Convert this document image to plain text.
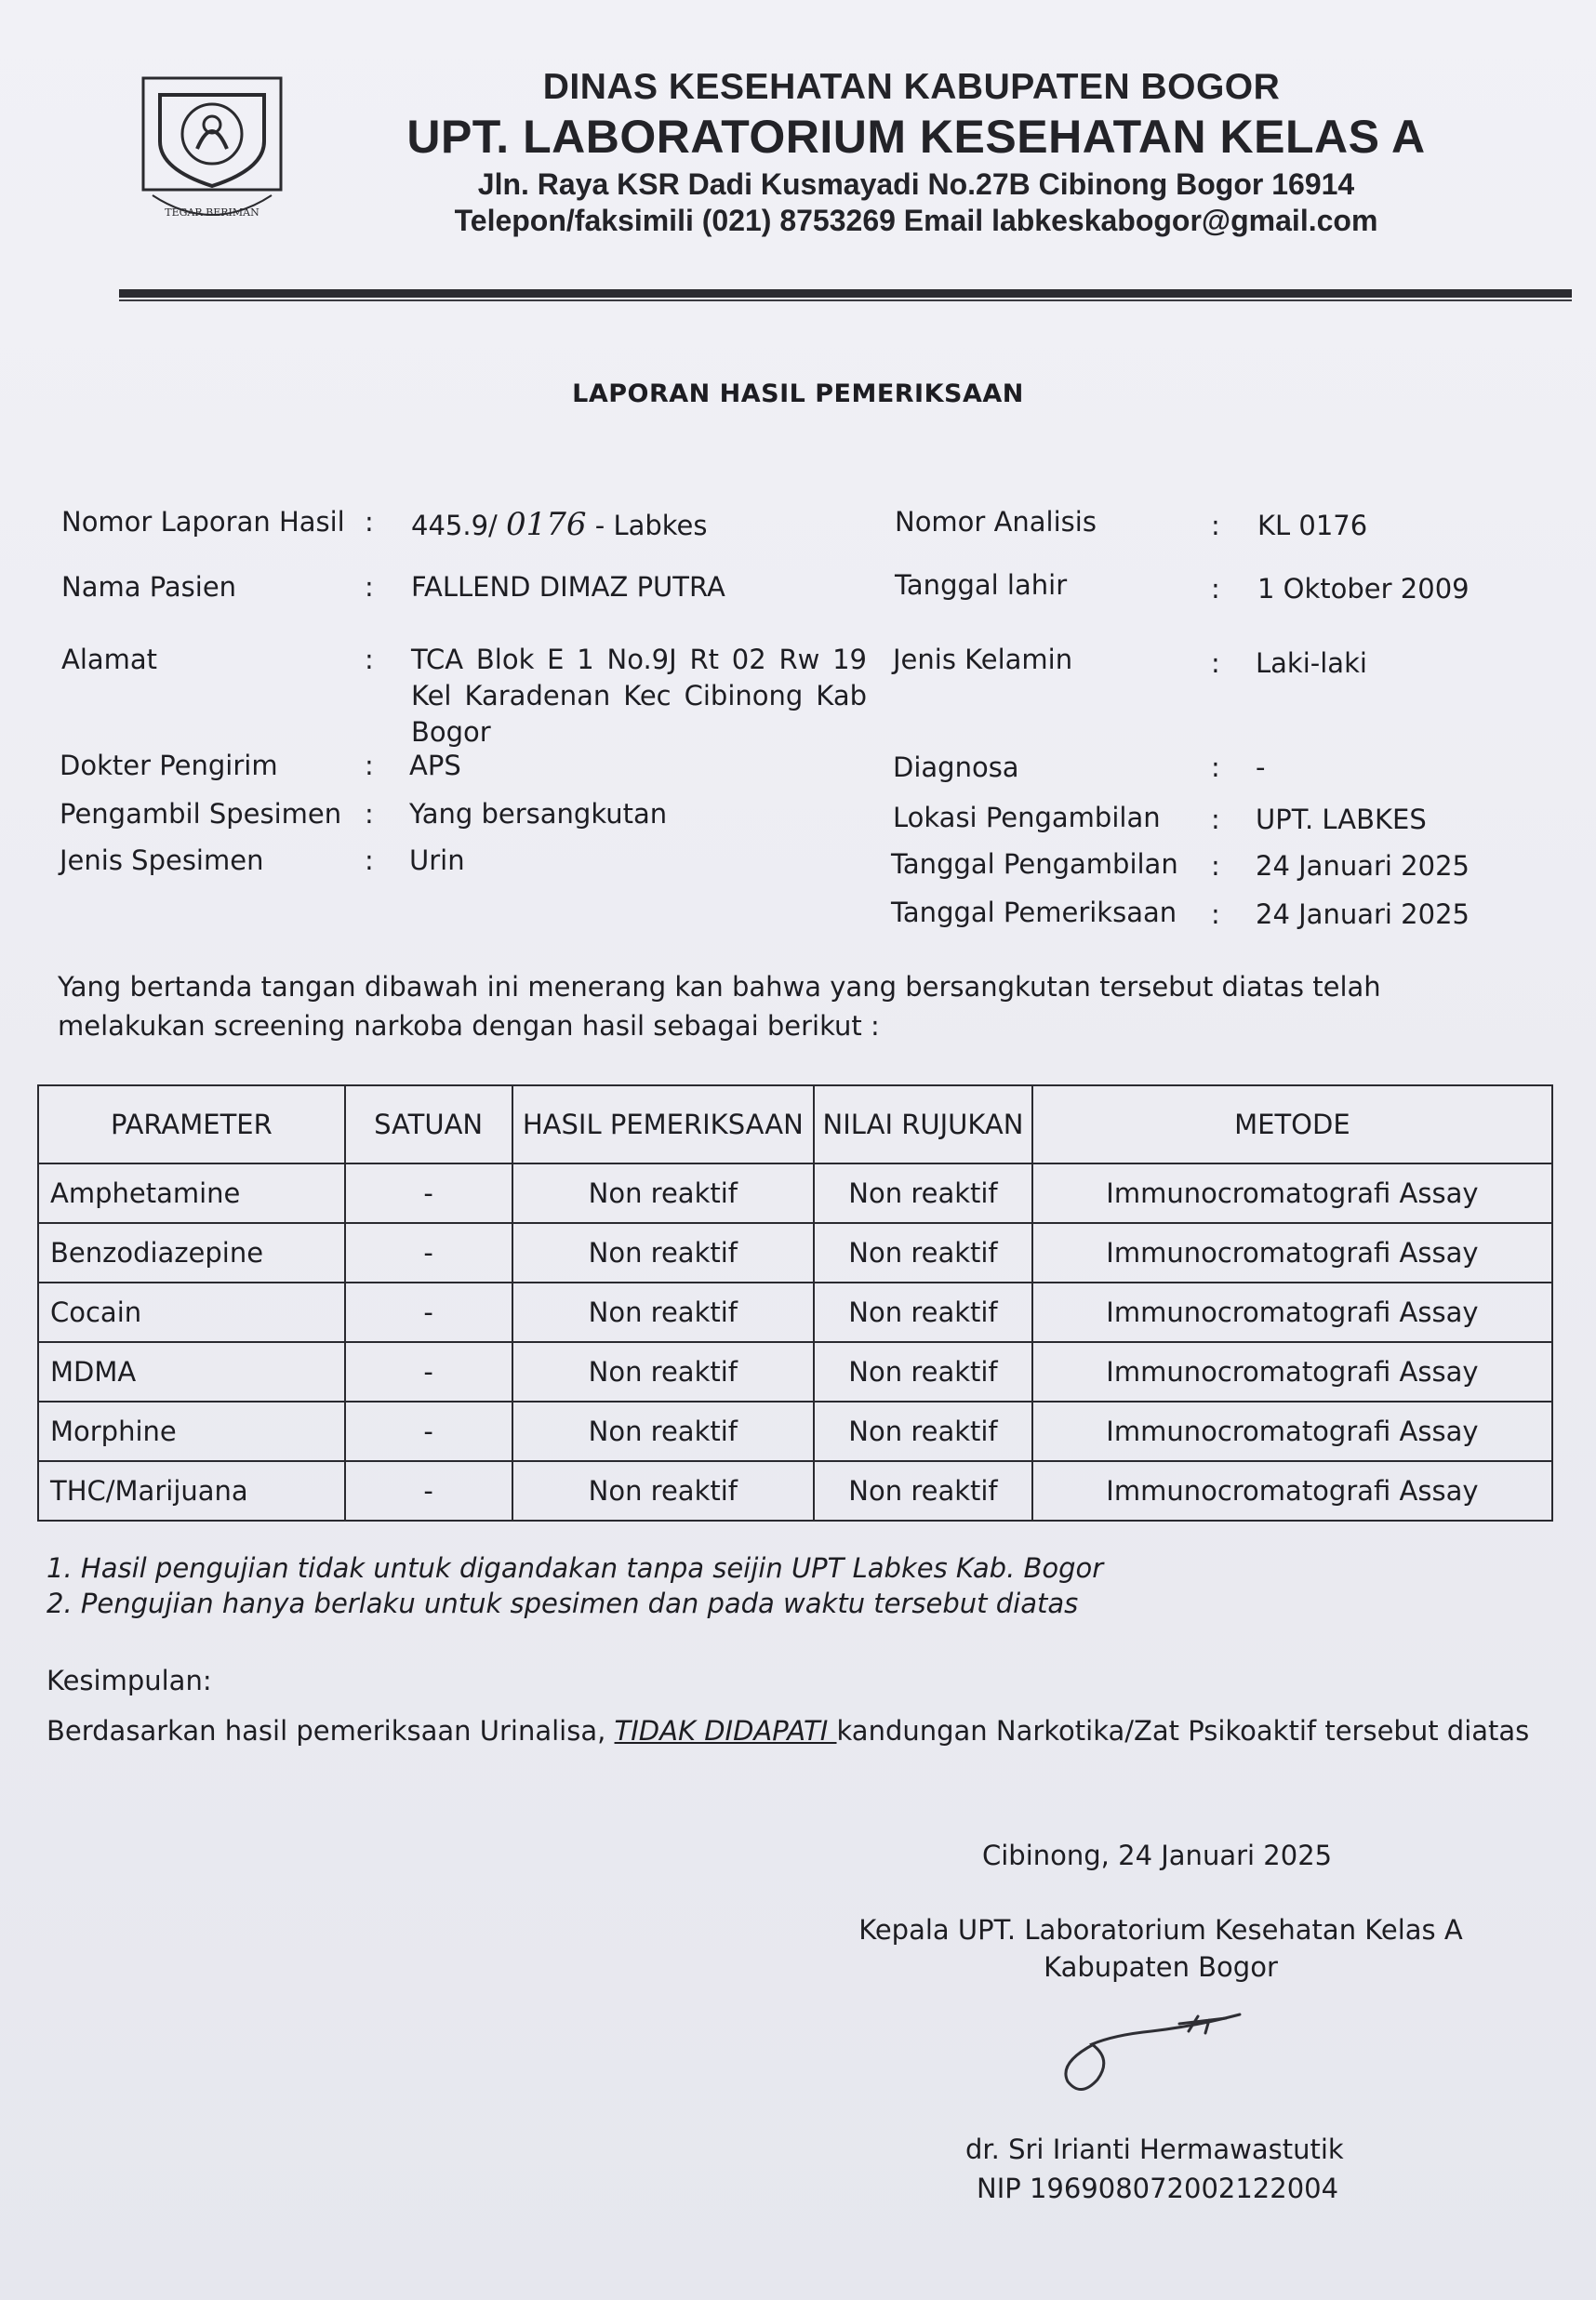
TEGAR BERIMAN
DINAS KESEHATAN KABUPATEN BOGOR
UPT. LABORATORIUM KESEHATAN KELAS A
Jln. Raya KSR Dadi Kusmayadi No.27B Cibinong Bogor 16914
Telepon/faksimili (021) 8753269 Email labkeskabogor@gmail.com
LAPORAN HASIL PEMERIKSAAN
Nomor Laporan Hasil : 445.9/ 0176 - Labkes
Nama Pasien	: FALLEND DIMAZ PUTRA
Alamat	: TCA Blok E 1 No.9J Rt 02 Rw 19 Kel Karadenan Kec Cibinong Kab Bogor
Dokter Pengirim	: APS
Pengambil Spesimen : Yang bersangkutan
Jenis Spesimen	: Urin
Nomor Analisis	: KL 0176
Tanggal lahir	: 1 Oktober 2009
Jenis Kelamin	: Laki-laki
Diagnosa	: -
Lokasi Pengambilan : UPT. LABKES
Tanggal Pengambilan : 24 Januari 2025
Tanggal Pemeriksaan : 24 Januari 2025
Yang bertanda tangan dibawah ini menerang kan bahwa yang bersangkutan tersebut diatas telah melakukan screening narkoba dengan hasil sebagai berikut :
PARAMETER	SATUAN	HASIL PEMERIKSAAN	NILAI RUJUKAN	METODE
Amphetamine	-	Non reaktif	Non reaktif	Immunocromatografi Assay
Benzodiazepine	-	Non reaktif	Non reaktif	Immunocromatografi Assay
Cocain	-	Non reaktif	Non reaktif	Immunocromatografi Assay
MDMA	-	Non reaktif	Non reaktif	Immunocromatografi Assay
Morphine	-	Non reaktif	Non reaktif	Immunocromatografi Assay
THC/Marijuana	-	Non reaktif	Non reaktif	Immunocromatografi Assay
1. Hasil pengujian tidak untuk digandakan tanpa seijin UPT Labkes Kab. Bogor
2. Pengujian hanya berlaku untuk spesimen dan pada waktu tersebut diatas
Kesimpulan:
Berdasarkan hasil pemeriksaan Urinalisa, TIDAK DIDAPATI kandungan Narkotika/Zat Psikoaktif tersebut diatas
Cibinong, 24 Januari 2025
Kepala UPT. Laboratorium Kesehatan Kelas A
Kabupaten Bogor
dr. Sri Irianti Hermawastutik
NIP 196908072002122004
